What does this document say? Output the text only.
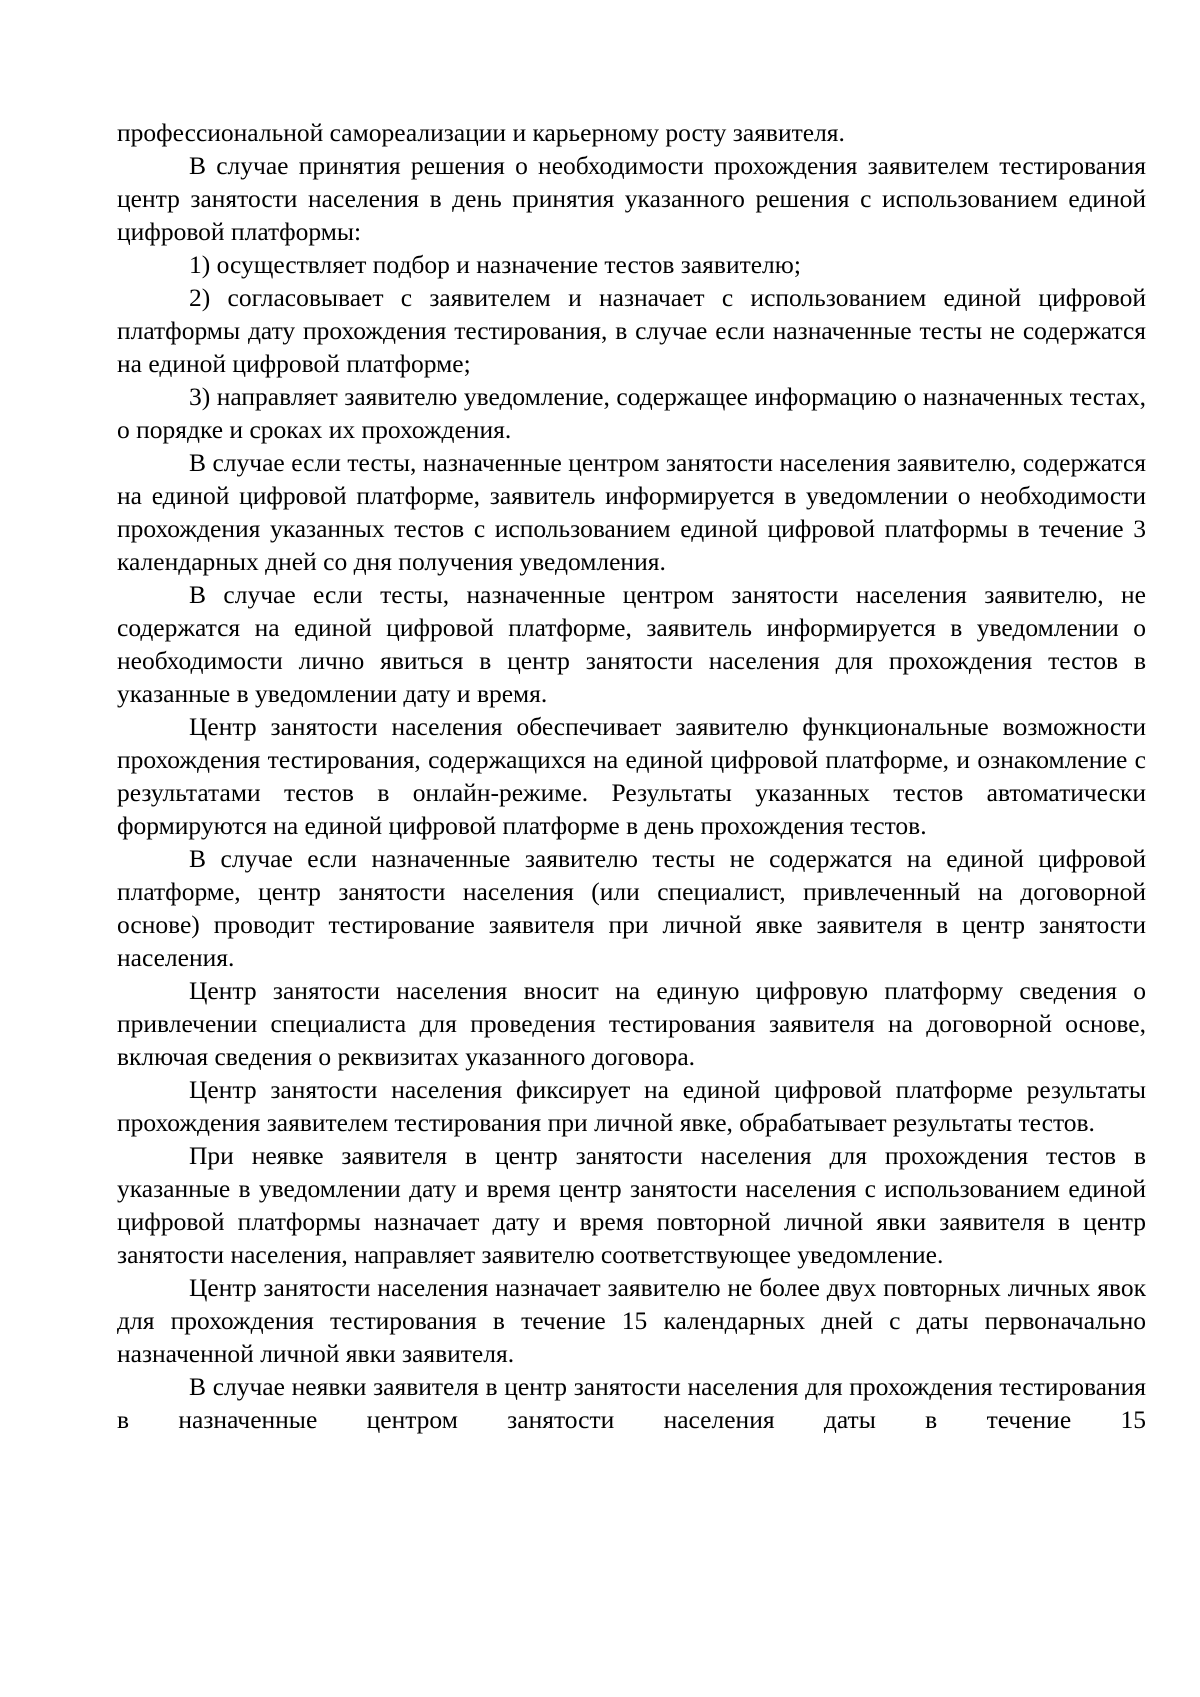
профессиональной самореализации и карьерному росту заявителя.

В случае принятия решения о необходимости прохождения заявителем тестирования центр занятости населения в день принятия указанного решения с использованием единой цифровой платформы:

1) осуществляет подбор и назначение тестов заявителю;

2) согласовывает с заявителем и назначает с использованием единой цифровой платформы дату прохождения тестирования, в случае если назначенные тесты не содержатся на единой цифровой платформе;

3) направляет заявителю уведомление, содержащее информацию о назначенных тестах, о порядке и сроках их прохождения.

В случае если тесты, назначенные центром занятости населения заявителю, содержатся на единой цифровой платформе, заявитель информируется в уведомлении о необходимости прохождения указанных тестов с использованием единой цифровой платформы в течение 3 календарных дней со дня получения уведомления.

В случае если тесты, назначенные центром занятости населения заявителю, не содержатся на единой цифровой платформе, заявитель информируется в уведомлении о необходимости лично явиться в центр занятости населения для прохождения тестов в указанные в уведомлении дату и время.

Центр занятости населения обеспечивает заявителю функциональные возможности прохождения тестирования, содержащихся на единой цифровой платформе, и ознакомление с результатами тестов в онлайн-режиме. Результаты указанных тестов автоматически формируются на единой цифровой платформе в день прохождения тестов.

В случае если назначенные заявителю тесты не содержатся на единой цифровой платформе, центр занятости населения (или специалист, привлеченный на договорной основе) проводит тестирование заявителя при личной явке заявителя в центр занятости населения.

Центр занятости населения вносит на единую цифровую платформу сведения о привлечении специалиста для проведения тестирования заявителя на договорной основе, включая сведения о реквизитах указанного договора.

Центр занятости населения фиксирует на единой цифровой платформе результаты прохождения заявителем тестирования при личной явке, обрабатывает результаты тестов.

При неявке заявителя в центр занятости населения для прохождения тестов в указанные в уведомлении дату и время центр занятости населения с использованием единой цифровой платформы назначает дату и время повторной личной явки заявителя в центр занятости населения, направляет заявителю соответствующее уведомление.

Центр занятости населения назначает заявителю не более двух повторных личных явок для прохождения тестирования в течение 15 календарных дней с даты первоначально назначенной личной явки заявителя.

В случае неявки заявителя в центр занятости населения для прохождения тестирования в назначенные центром занятости населения даты в течение 15
